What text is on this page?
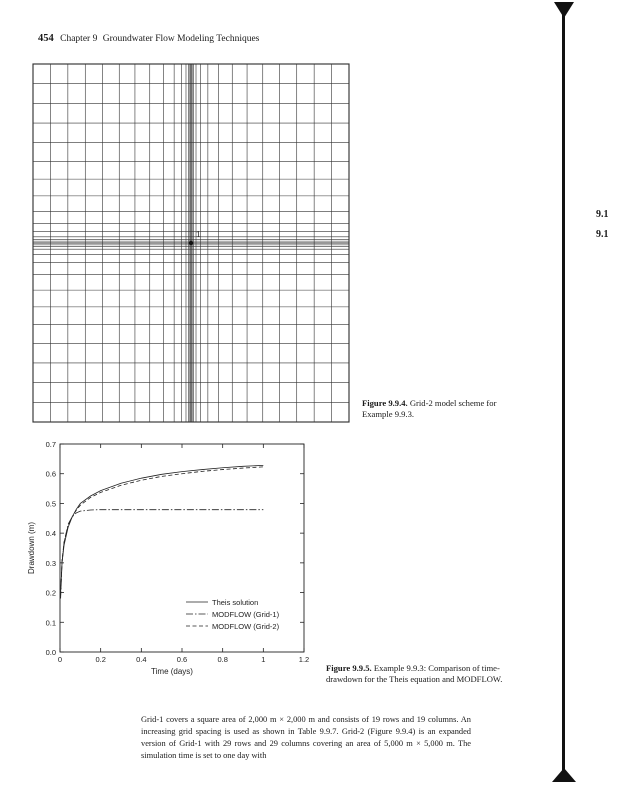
454 Chapter 9 Groundwater Flow Modeling Techniques
9.1
9.1
1
Figure 9.9.4. Grid-2 model scheme for Example 9.9.3.
0.0
0.1
0.2
0.3
0.4
0.5
0.6
0.7
0	0.2	0.4	0.6	0.8	1	1.2
Time (days)
Drawdown (m)
Theis solution
MODFLOW (Grid-1)
MODFLOW (Grid-2)
Figure 9.9.5. Example 9.9.3: Comparison of time-drawdown for the Theis equation and MODFLOW.
Grid-1 covers a square area of 2,000 m × 2,000 m and consists of 19 rows and 19 columns. An increasing grid spacing is used as shown in Table 9.9.7. Grid-2 (Figure 9.9.4) is an expanded version of Grid-1 with 29 rows and 29 columns covering an area of 5,000 m × 5,000 m. The simulation time is set to one day with
